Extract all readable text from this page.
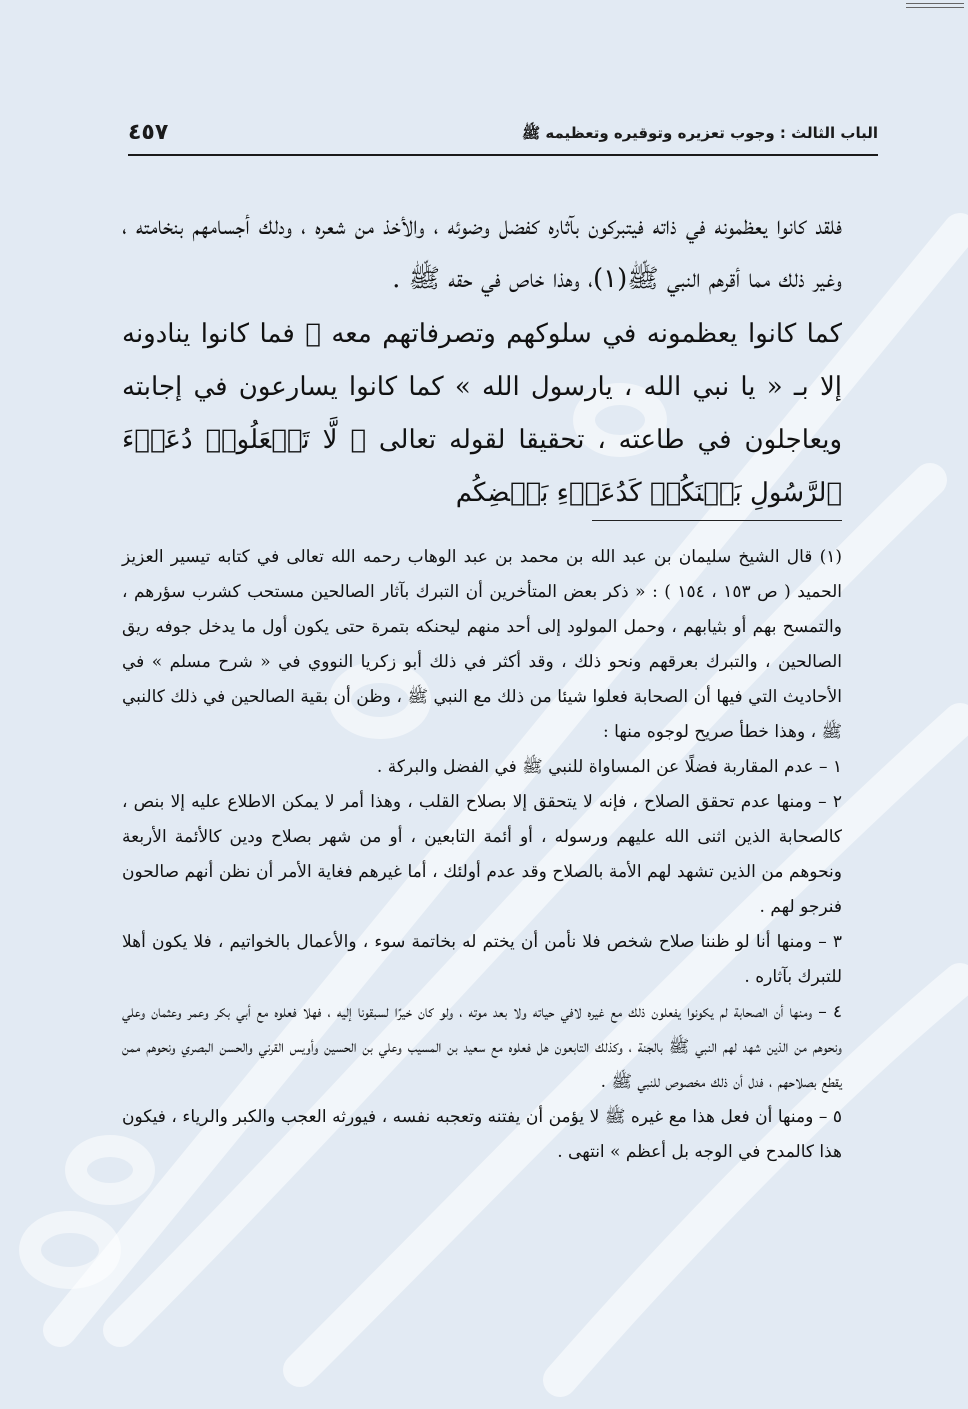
الباب الثالث : وجوب تعزيره وتوقيره وتعظيمه ﷺ
٤٥٧

فلقد كانوا يعظمونه في ذاته فيتبركون بآثاره كفضل وضوئه ، والأخذ من شعره ، ودلك أجسامهم بنخامته ، وغير ذلك مما أقرهم النبي ﷺ(١)، وهذا خاص في حقه ﷺ .

كما كانوا يعظمونه في سلوكهم وتصرفاتهم معه ﷺ فما كانوا ينادونه إلا بـ « يا نبي الله ، يارسول الله » كما كانوا يسارعون في إجابته ويعاجلون في طاعته ، تحقيقا لقوله تعالى ﴿ لَّا تَجۡعَلُوا۟ دُعَاۤءَ ٱلرَّسُولِ بَیۡنَكُمۡ كَدُعَاۤءِ بَعۡضِكُم

(١) قال الشيخ سليمان بن عبد الله بن محمد بن عبد الوهاب رحمه الله تعالى في كتابه تيسير العزيز الحميد ( ص ١٥٣ ، ١٥٤ ) : « ذكر بعض المتأخرين أن التبرك بآثار الصالحين مستحب كشرب سؤرهم ، والتمسح بهم أو بثيابهم ، وحمل المولود إلى أحد منهم ليحنكه بتمرة حتى يكون أول ما يدخل جوفه ريق الصالحين ، والتبرك بعرقهم ونحو ذلك ، وقد أكثر في ذلك أبو زكريا النووي في « شرح مسلم » في الأحاديث التي فيها أن الصحابة فعلوا شيئا من ذلك مع النبي ﷺ ، وظن أن بقية الصالحين في ذلك كالنبي ﷺ ، وهذا خطأ صريح لوجوه منها :

١ – عدم المقاربة فضلًا عن المساواة للنبي ﷺ في الفضل والبركة .

٢ – ومنها عدم تحقق الصلاح ، فإنه لا يتحقق إلا بصلاح القلب ، وهذا أمر لا يمكن الاطلاع عليه إلا بنص ، كالصحابة الذين اثنى الله عليهم ورسوله ، أو أئمة التابعين ، أو من شهر بصلاح ودين كالأئمة الأربعة ونحوهم من الذين تشهد لهم الأمة بالصلاح وقد عدم أولئك ، أما غيرهم فغاية الأمر أن نظن أنهم صالحون فنرجو لهم .

٣ – ومنها أنا لو ظننا صلاح شخص فلا نأمن أن يختم له بخاتمة سوء ، والأعمال بالخواتيم ، فلا يكون أهلا للتبرك بآثاره .

٤ – ومنها أن الصحابة لم يكونوا يفعلون ذلك مع غيره لافي حياته ولا بعد موته ، ولو كان خيرًا لسبقونا إليه ، فهلا فعلوه مع أبي بكر وعمر وعثمان وعلي ونحوهم من الذين شهد لهم النبي ﷺ بالجنة ، وكذلك التابعون هل فعلوه مع سعيد بن المسيب وعلي بن الحسين وأويس القرني والحسن البصري ونحوهم ممن يقطع بصلاحهم ، فدل أن ذلك مخصوص للنبي ﷺ .

٥ – ومنها أن فعل هذا مع غيره ﷺ لا يؤمن أن يفتنه وتعجبه نفسه ، فيورثه العجب والكبر والرياء ، فيكون هذا كالمدح في الوجه بل أعظم » انتهى .
